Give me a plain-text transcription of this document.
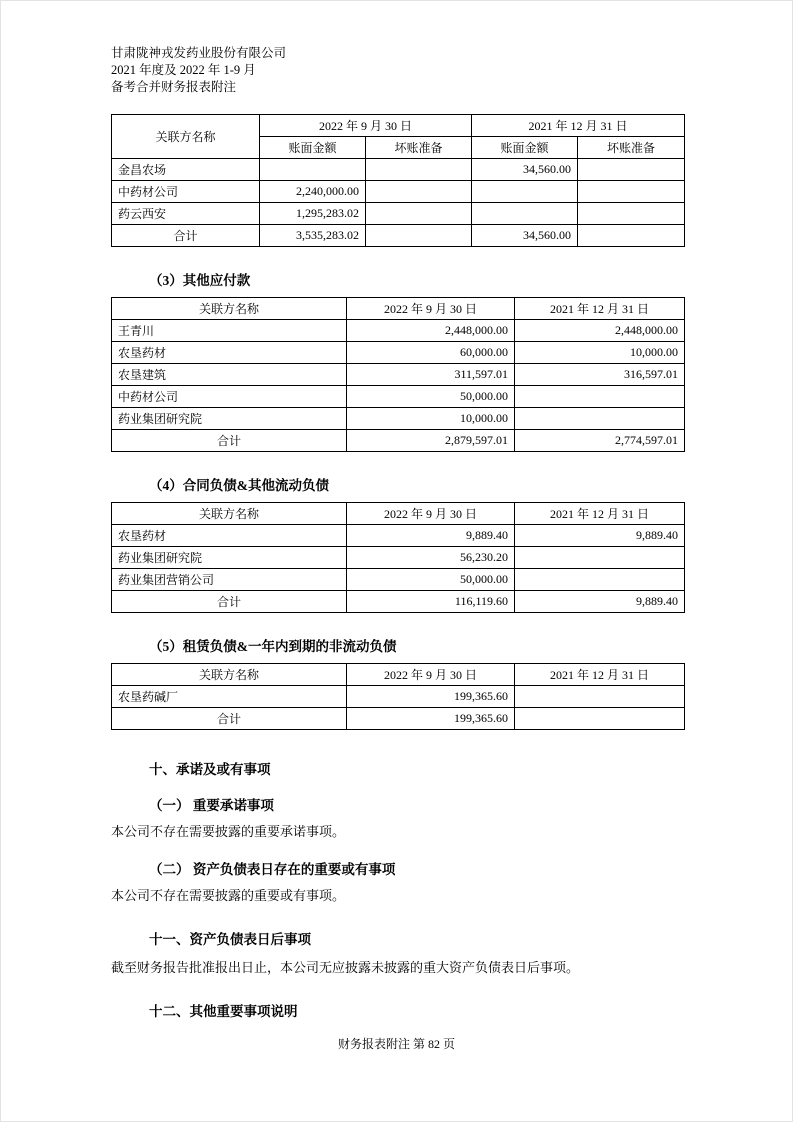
甘肃陇神戎发药业股份有限公司
2021 年度及 2022 年 1-9 月
备考合并财务报表附注
关联方名称	2022 年 9 月 30 日		2021 年 12 月 31 日	
	账面金额	坏账准备	账面金额	坏账准备
金昌农场			34,560.00	
中药材公司	2,240,000.00			
药云西安	1,295,283.02			
合计	3,535,283.02		34,560.00	
（3）其他应付款
关联方名称	2022 年 9 月 30 日	2021 年 12 月 31 日
王青川	2,448,000.00	2,448,000.00
农垦药材	60,000.00	10,000.00
农垦建筑	311,597.01	316,597.01
中药材公司	50,000.00	
药业集团研究院	10,000.00	
合计	2,879,597.01	2,774,597.01
（4）合同负债&其他流动负债
关联方名称	2022 年 9 月 30 日	2021 年 12 月 31 日
农垦药材	9,889.40	9,889.40
药业集团研究院	56,230.20	
药业集团营销公司	50,000.00	
合计	116,119.60	9,889.40
（5）租赁负债&一年内到期的非流动负债
关联方名称	2022 年 9 月 30 日	2021 年 12 月 31 日
农垦药碱厂	199,365.60	
合计	199,365.60	
十、承诺及或有事项
（一） 重要承诺事项
本公司不存在需要披露的重要承诺事项。
（二） 资产负债表日存在的重要或有事项
本公司不存在需要披露的重要或有事项。
十一、资产负债表日后事项
截至财务报告批准报出日止，本公司无应披露未披露的重大资产负债表日后事项。
十二、其他重要事项说明
财务报表附注 第 82 页
